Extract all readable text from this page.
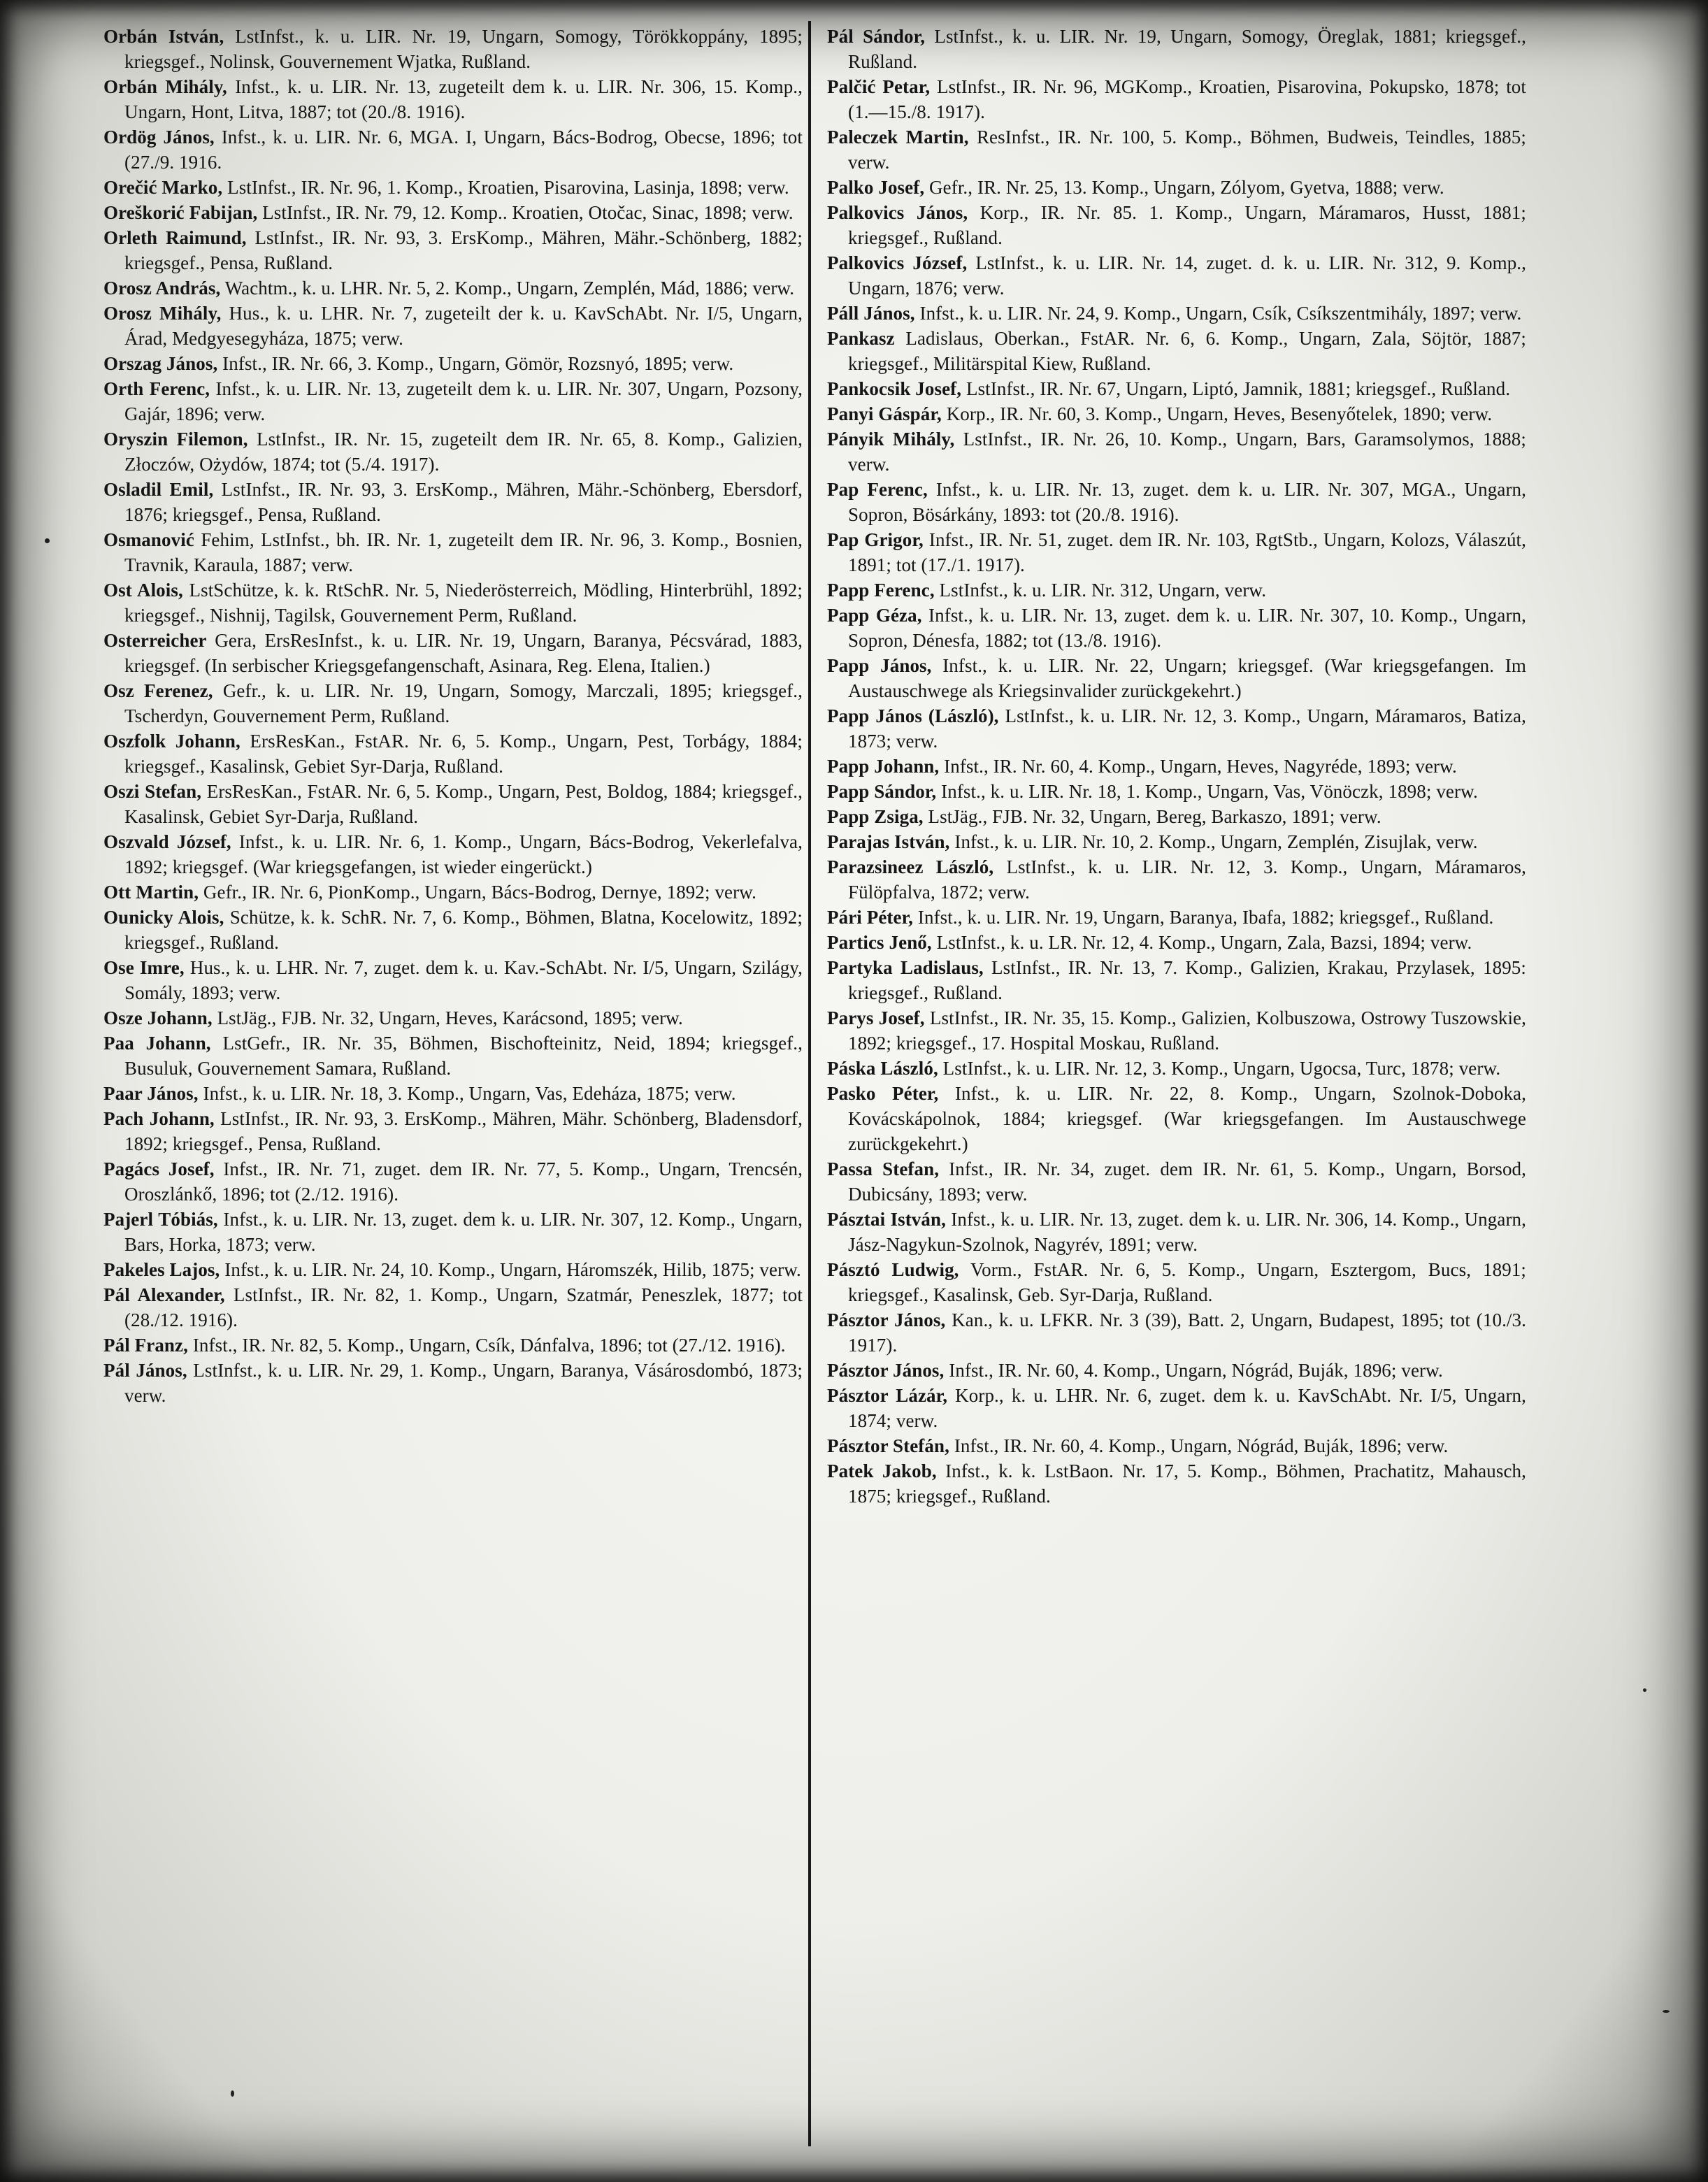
Orbán István, LstInfst., k. u. LIR. Nr. 19, Ungarn, Somogy, Törökkoppány, 1895; kriegsgef., Nolinsk, Gouvernement Wjatka, Rußland.

Orbán Mihály, Infst., k. u. LIR. Nr. 13, zugeteilt dem k. u. LIR. Nr. 306, 15. Komp., Ungarn, Hont, Litva, 1887; tot (20./8. 1916).

Ordög János, Infst., k. u. LIR. Nr. 6, MGA. I, Ungarn, Bács-Bodrog, Obecse, 1896; tot (27./9. 1916.

Orečić Marko, LstInfst., IR. Nr. 96, 1. Komp., Kroatien, Pisarovina, Lasinja, 1898; verw.

Oreškorić Fabijan, LstInfst., IR. Nr. 79, 12. Komp.. Kroatien, Otočac, Sinac, 1898; verw.

Orleth Raimund, LstInfst., IR. Nr. 93, 3. ErsKomp., Mähren, Mähr.-Schönberg, 1882; kriegsgef., Pensa, Rußland.

Orosz András, Wachtm., k. u. LHR. Nr. 5, 2. Komp., Ungarn, Zemplén, Mád, 1886; verw.

Orosz Mihály, Hus., k. u. LHR. Nr. 7, zugeteilt der k. u. KavSchAbt. Nr. I/5, Ungarn, Árad, Medgyesegyháza, 1875; verw.

Orszag János, Infst., IR. Nr. 66, 3. Komp., Ungarn, Gömör, Rozsnyó, 1895; verw.

Orth Ferenc, Infst., k. u. LIR. Nr. 13, zugeteilt dem k. u. LIR. Nr. 307, Ungarn, Pozsony, Gajár, 1896; verw.

Oryszin Filemon, LstInfst., IR. Nr. 15, zugeteilt dem IR. Nr. 65, 8. Komp., Galizien, Złoczów, Ożydów, 1874; tot (5./4. 1917).

Osladil Emil, LstInfst., IR. Nr. 93, 3. ErsKomp., Mähren, Mähr.-Schönberg, Ebersdorf, 1876; kriegsgef., Pensa, Rußland.

Osmanović Fehim, LstInfst., bh. IR. Nr. 1, zugeteilt dem IR. Nr. 96, 3. Komp., Bosnien, Travnik, Karaula, 1887; verw.

Ost Alois, LstSchütze, k. k. RtSchR. Nr. 5, Niederösterreich, Mödling, Hinterbrühl, 1892; kriegsgef., Nishnij, Tagilsk, Gouvernement Perm, Rußland.

Osterreicher Gera, ErsResInfst., k. u. LIR. Nr. 19, Ungarn, Baranya, Pécsvárad, 1883, kriegsgef. (In serbischer Kriegsgefangenschaft, Asinara, Reg. Elena, Italien.)

Osz Ferenez, Gefr., k. u. LIR. Nr. 19, Ungarn, Somogy, Marczali, 1895; kriegsgef., Tscherdyn, Gouvernement Perm, Rußland.

Oszfolk Johann, ErsResKan., FstAR. Nr. 6, 5. Komp., Ungarn, Pest, Torbágy, 1884; kriegsgef., Kasalinsk, Gebiet Syr-Darja, Rußland.

Oszi Stefan, ErsResKan., FstAR. Nr. 6, 5. Komp., Ungarn, Pest, Boldog, 1884; kriegsgef., Kasalinsk, Gebiet Syr-Darja, Rußland.

Oszvald József, Infst., k. u. LIR. Nr. 6, 1. Komp., Ungarn, Bács-Bodrog, Vekerlefalva, 1892; kriegsgef. (War kriegsgefangen, ist wieder eingerückt.)

Ott Martin, Gefr., IR. Nr. 6, PionKomp., Ungarn, Bács-Bodrog, Dernye, 1892; verw.

Ounicky Alois, Schütze, k. k. SchR. Nr. 7, 6. Komp., Böhmen, Blatna, Kocelowitz, 1892; kriegsgef., Rußland.

Ose Imre, Hus., k. u. LHR. Nr. 7, zuget. dem k. u. Kav.-SchAbt. Nr. I/5, Ungarn, Szilágy, Somály, 1893; verw.

Osze Johann, LstJäg., FJB. Nr. 32, Ungarn, Heves, Karácsond, 1895; verw.

Paa Johann, LstGefr., IR. Nr. 35, Böhmen, Bischofteinitz, Neid, 1894; kriegsgef., Busuluk, Gouvernement Samara, Rußland.

Paar János, Infst., k. u. LIR. Nr. 18, 3. Komp., Ungarn, Vas, Edeháza, 1875; verw.

Pach Johann, LstInfst., IR. Nr. 93, 3. ErsKomp., Mähren, Mähr. Schönberg, Bladensdorf, 1892; kriegsgef., Pensa, Rußland.

Pagács Josef, Infst., IR. Nr. 71, zuget. dem IR. Nr. 77, 5. Komp., Ungarn, Trencsén, Oroszlánkő, 1896; tot (2./12. 1916).

Pajerl Tóbiás, Infst., k. u. LIR. Nr. 13, zuget. dem k. u. LIR. Nr. 307, 12. Komp., Ungarn, Bars, Horka, 1873; verw.

Pakeles Lajos, Infst., k. u. LIR. Nr. 24, 10. Komp., Ungarn, Háromszék, Hilib, 1875; verw.

Pál Alexander, LstInfst., IR. Nr. 82, 1. Komp., Ungarn, Szatmár, Peneszlek, 1877; tot (28./12. 1916).

Pál Franz, Infst., IR. Nr. 82, 5. Komp., Ungarn, Csík, Dánfalva, 1896; tot (27./12. 1916).

Pál János, LstInfst., k. u. LIR. Nr. 29, 1. Komp., Ungarn, Baranya, Vásárosdombó, 1873; verw.

Pál Sándor, LstInfst., k. u. LIR. Nr. 19, Ungarn, Somogy, Öreglak, 1881; kriegsgef., Rußland.

Palčić Petar, LstInfst., IR. Nr. 96, MGKomp., Kroatien, Pisarovina, Pokupsko, 1878; tot (1.—15./8. 1917).

Paleczek Martin, ResInfst., IR. Nr. 100, 5. Komp., Böhmen, Budweis, Teindles, 1885; verw.

Palko Josef, Gefr., IR. Nr. 25, 13. Komp., Ungarn, Zólyom, Gyetva, 1888; verw.

Palkovics János, Korp., IR. Nr. 85. 1. Komp., Ungarn, Máramaros, Husst, 1881; kriegsgef., Rußland.

Palkovics József, LstInfst., k. u. LIR. Nr. 14, zuget. d. k. u. LIR. Nr. 312, 9. Komp., Ungarn, 1876; verw.

Páll János, Infst., k. u. LIR. Nr. 24, 9. Komp., Ungarn, Csík, Csíkszentmihály, 1897; verw.

Pankasz Ladislaus, Oberkan., FstAR. Nr. 6, 6. Komp., Ungarn, Zala, Söjtör, 1887; kriegsgef., Militärspital Kiew, Rußland.

Pankocsik Josef, LstInfst., IR. Nr. 67, Ungarn, Liptó, Jamnik, 1881; kriegsgef., Rußland.

Panyi Gáspár, Korp., IR. Nr. 60, 3. Komp., Ungarn, Heves, Besenyőtelek, 1890; verw.

Pányik Mihály, LstInfst., IR. Nr. 26, 10. Komp., Ungarn, Bars, Garamsolymos, 1888; verw.

Pap Ferenc, Infst., k. u. LIR. Nr. 13, zuget. dem k. u. LIR. Nr. 307, MGA., Ungarn, Sopron, Bösárkány, 1893: tot (20./8. 1916).

Pap Grigor, Infst., IR. Nr. 51, zuget. dem IR. Nr. 103, RgtStb., Ungarn, Kolozs, Válaszút, 1891; tot (17./1. 1917).

Papp Ferenc, LstInfst., k. u. LIR. Nr. 312, Ungarn, verw.

Papp Géza, Infst., k. u. LIR. Nr. 13, zuget. dem k. u. LIR. Nr. 307, 10. Komp., Ungarn, Sopron, Dénesfa, 1882; tot (13./8. 1916).

Papp János, Infst., k. u. LIR. Nr. 22, Ungarn; kriegsgef. (War kriegsgefangen. Im Austauschwege als Kriegsinvalider zurückgekehrt.)

Papp János (László), LstInfst., k. u. LIR. Nr. 12, 3. Komp., Ungarn, Máramaros, Batiza, 1873; verw.

Papp Johann, Infst., IR. Nr. 60, 4. Komp., Ungarn, Heves, Nagyréde, 1893; verw.

Papp Sándor, Infst., k. u. LIR. Nr. 18, 1. Komp., Ungarn, Vas, Vönöczk, 1898; verw.

Papp Zsiga, LstJäg., FJB. Nr. 32, Ungarn, Bereg, Barkaszo, 1891; verw.

Parajas István, Infst., k. u. LIR. Nr. 10, 2. Komp., Ungarn, Zemplén, Zisujlak, verw.

Parazsineez László, LstInfst., k. u. LIR. Nr. 12, 3. Komp., Ungarn, Máramaros, Fülöpfalva, 1872; verw.

Pári Péter, Infst., k. u. LIR. Nr. 19, Ungarn, Baranya, Ibafa, 1882; kriegsgef., Rußland.

Partics Jenő, LstInfst., k. u. LR. Nr. 12, 4. Komp., Ungarn, Zala, Bazsi, 1894; verw.

Partyka Ladislaus, LstInfst., IR. Nr. 13, 7. Komp., Galizien, Krakau, Przylasek, 1895: kriegsgef., Rußland.

Parys Josef, LstInfst., IR. Nr. 35, 15. Komp., Galizien, Kolbuszowa, Ostrowy Tuszowskie, 1892; kriegsgef., 17. Hospital Moskau, Rußland.

Páska László, LstInfst., k. u. LIR. Nr. 12, 3. Komp., Ungarn, Ugocsa, Turc, 1878; verw.

Pasko Péter, Infst., k. u. LIR. Nr. 22, 8. Komp., Ungarn, Szolnok-Doboka, Kovácskápolnok, 1884; kriegsgef. (War kriegsgefangen. Im Austauschwege zurückgekehrt.)

Passa Stefan, Infst., IR. Nr. 34, zuget. dem IR. Nr. 61, 5. Komp., Ungarn, Borsod, Dubicsány, 1893; verw.

Pásztai István, Infst., k. u. LIR. Nr. 13, zuget. dem k. u. LIR. Nr. 306, 14. Komp., Ungarn, Jász-Nagykun-Szolnok, Nagyrév, 1891; verw.

Pásztó Ludwig, Vorm., FstAR. Nr. 6, 5. Komp., Ungarn, Esztergom, Bucs, 1891; kriegsgef., Kasalinsk, Geb. Syr-Darja, Rußland.

Pásztor János, Kan., k. u. LFKR. Nr. 3 (39), Batt. 2, Ungarn, Budapest, 1895; tot (10./3. 1917).

Pásztor János, Infst., IR. Nr. 60, 4. Komp., Ungarn, Nógrád, Buják, 1896; verw.

Pásztor Lázár, Korp., k. u. LHR. Nr. 6, zuget. dem k. u. KavSchAbt. Nr. I/5, Ungarn, 1874; verw.

Pásztor Stefán, Infst., IR. Nr. 60, 4. Komp., Ungarn, Nógrád, Buják, 1896; verw.

Patek Jakob, Infst., k. k. LstBaon. Nr. 17, 5. Komp., Böhmen, Prachatitz, Mahausch, 1875; kriegsgef., Rußland.
